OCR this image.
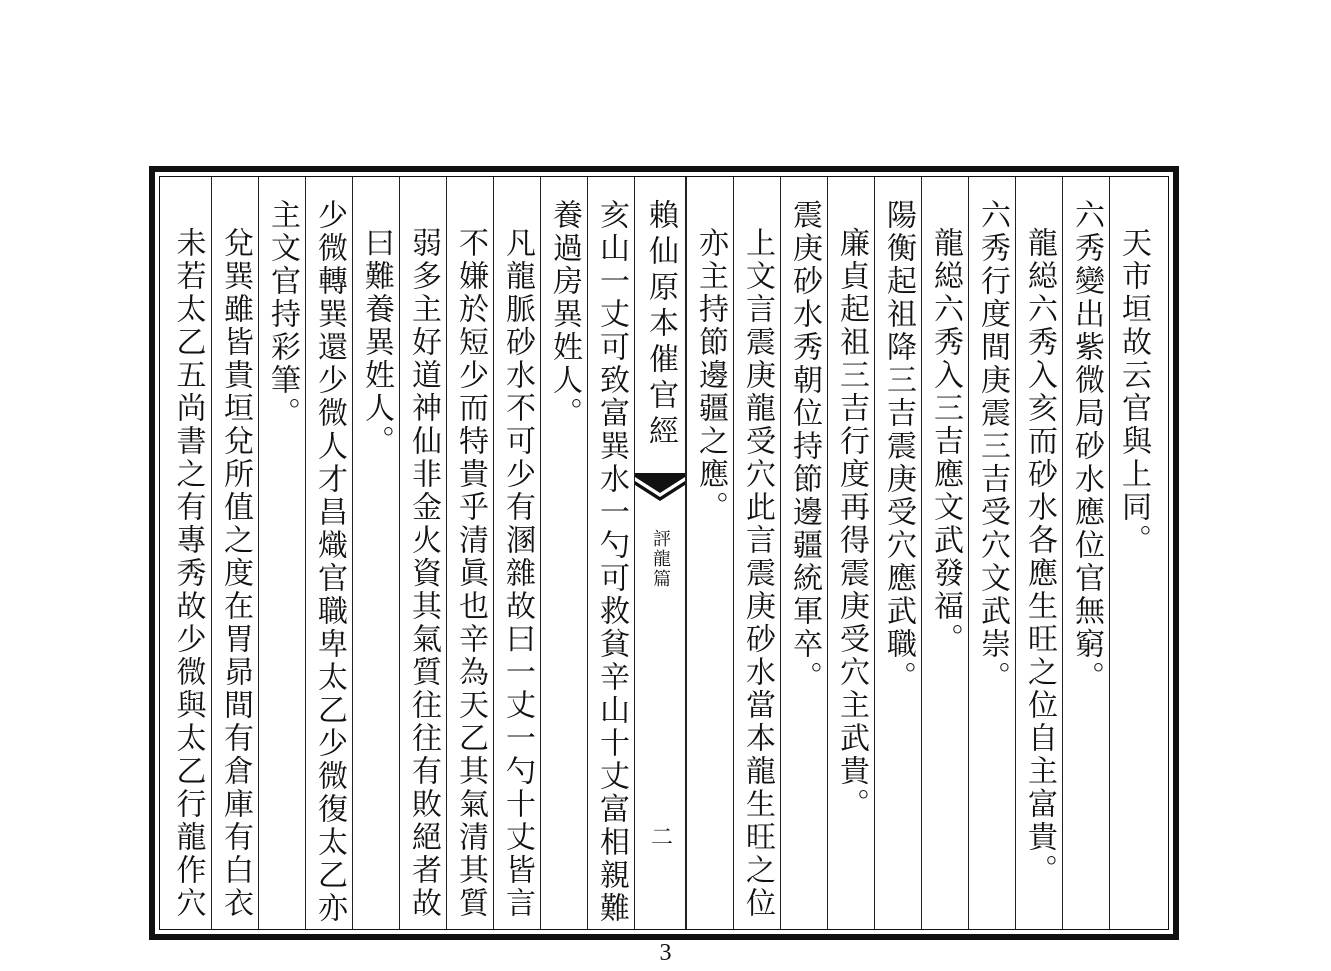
未若太乙五尚書之有專秀故少微與太乙行龍作穴 兌巽雖皆貴垣兌所值之度在胃昴間有倉庫有白衣 主文官持彩筆。 少微轉巽還少微人才昌熾官職卑太乙少微復太乙亦 曰難養異姓人。 弱多主好道神仙非金火資其氣質往往有敗絕者故 不嫌於短少而特貴乎清眞也辛為天乙其氣清其質 凡龍脈砂水不可少有溷雜故曰一丈一勺十丈皆言 養過房異姓人。 亥山一丈可致富巽水一勺可救貧辛山十丈富相親難 賴仙原本催官經
評龍篇
二
亦主持節邊疆之應。 上文言震庚龍受穴此言震庚砂水當本龍生旺之位 震庚砂水秀朝位持節邊疆統軍卒。 廉貞起祖三吉行度再得震庚受穴主武貴。 陽衡起祖降三吉震庚受穴應武職。 龍縂六秀入三吉應文武發福。 六秀行度間庚震三吉受穴文武崇。 龍縂六秀入亥而砂水各應生旺之位自主富貴。 六秀變出紫微局砂水應位官無窮。 天市垣故云官與上同。
3
